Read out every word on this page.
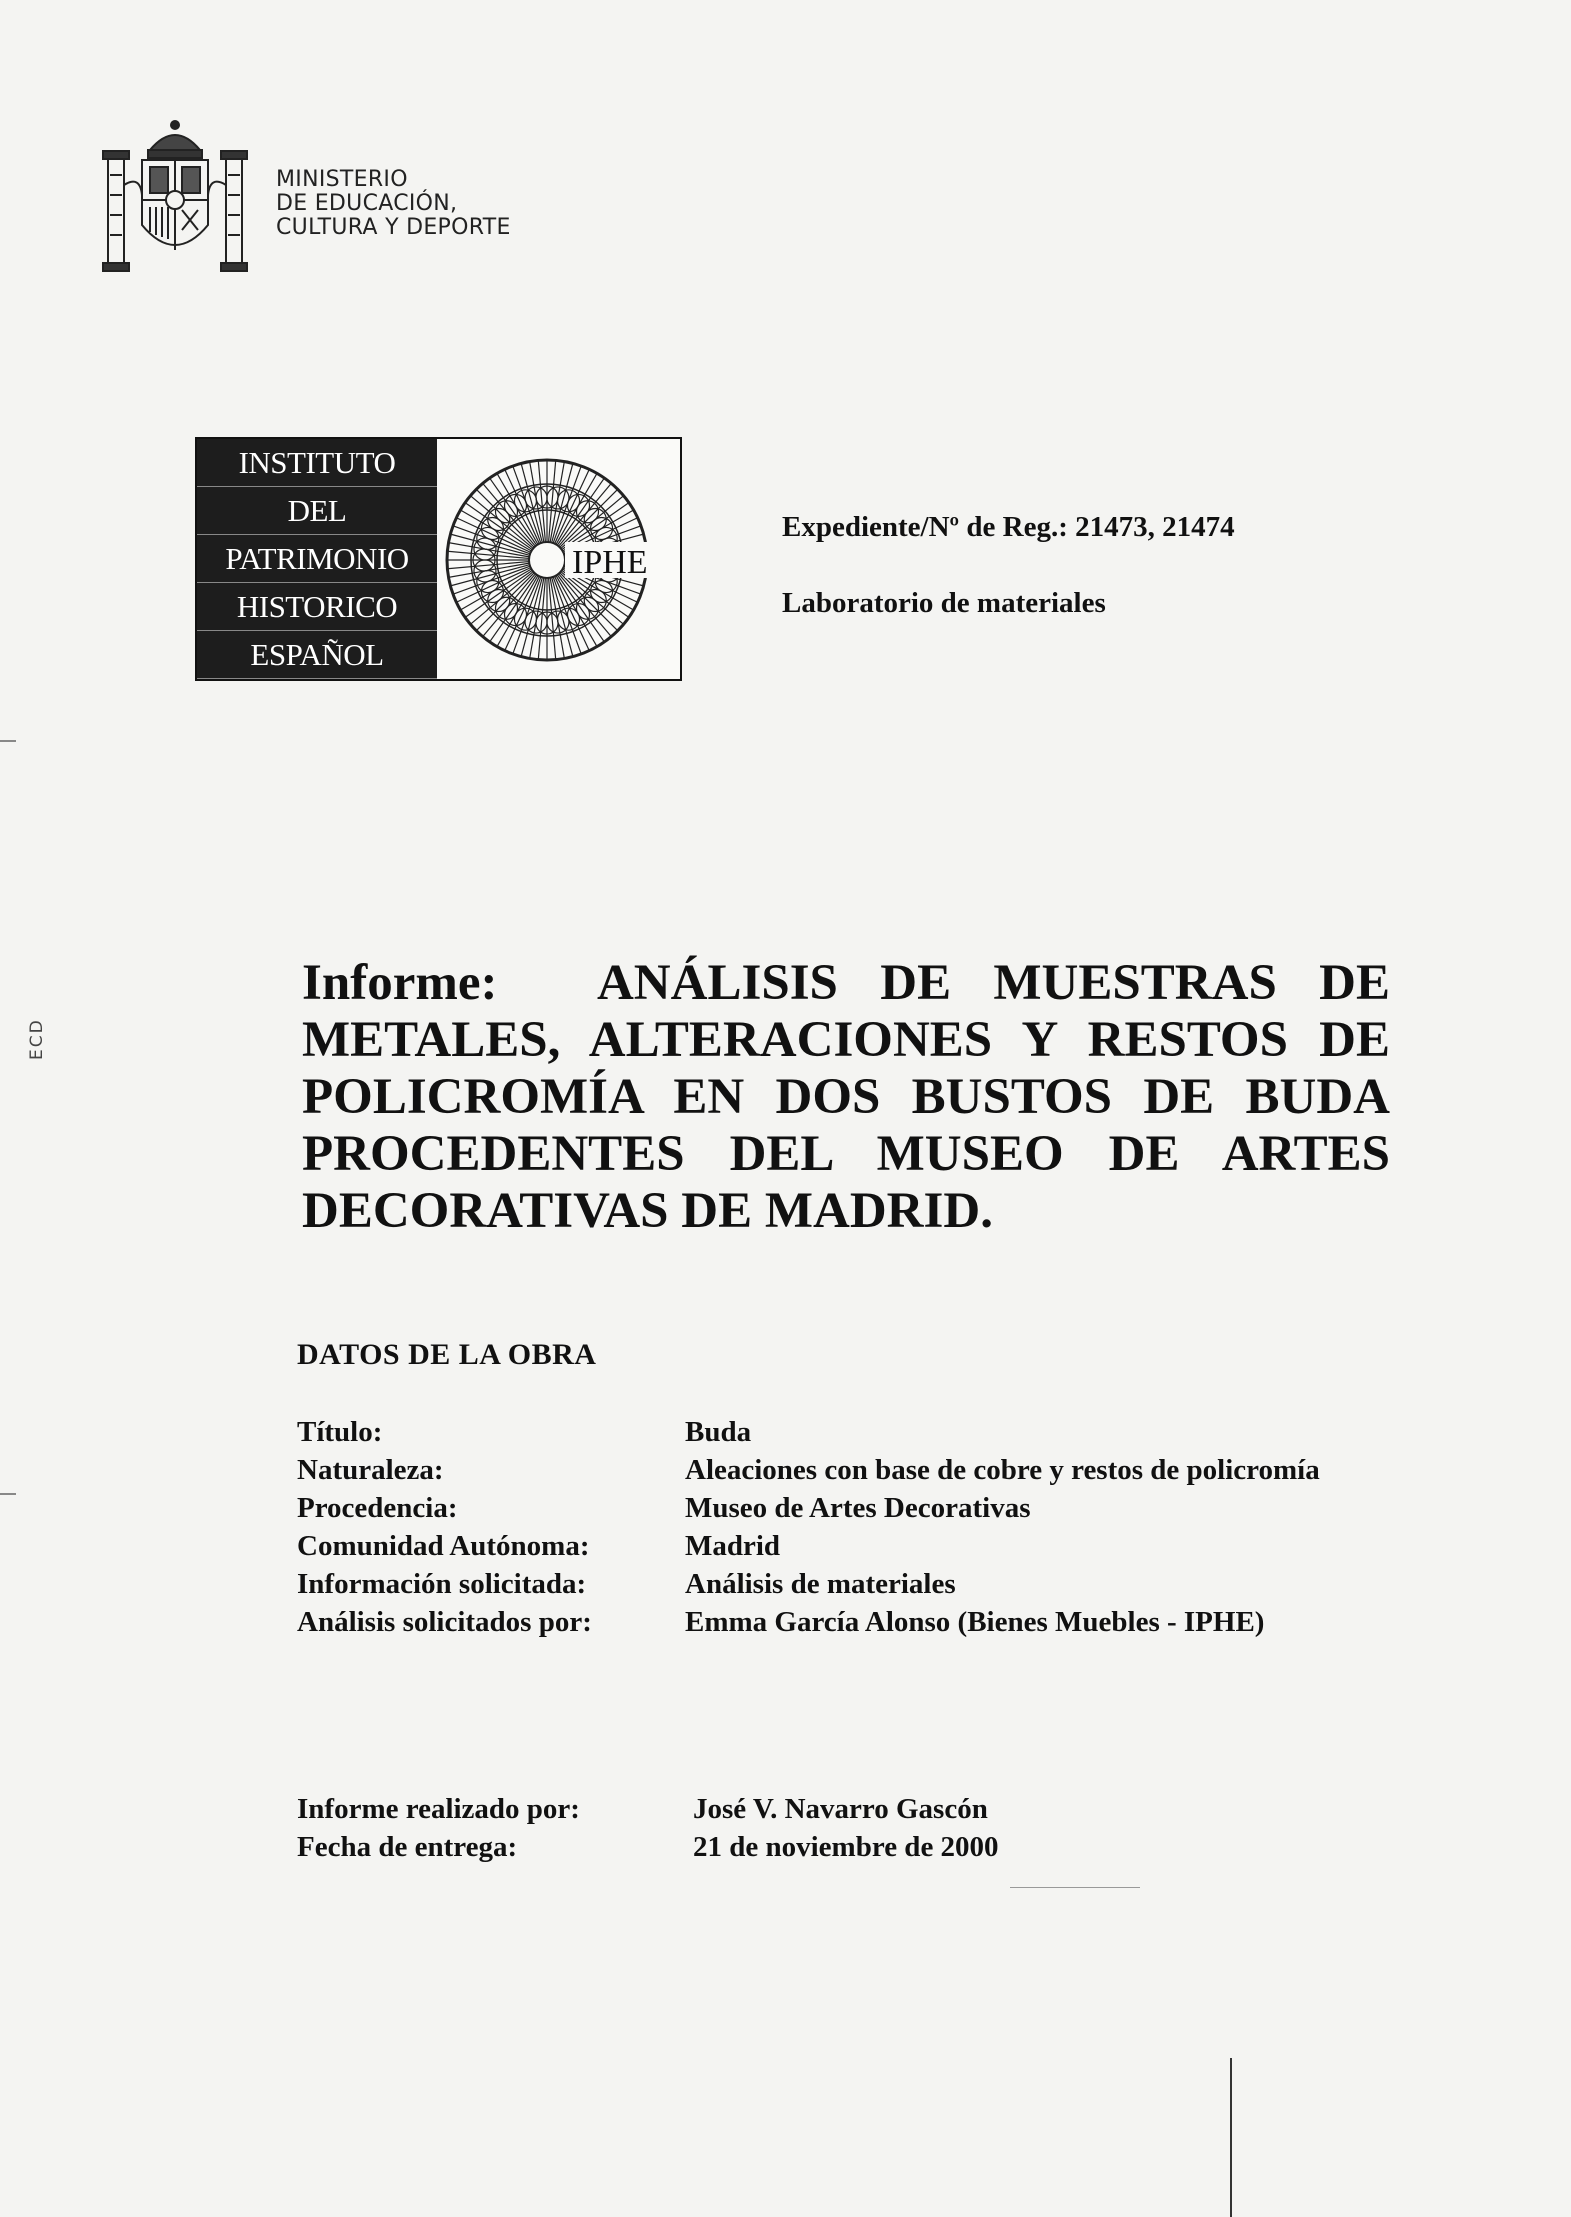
MINISTERIO
DE EDUCACIÓN,
CULTURA Y DEPORTE
INSTITUTO
DEL
PATRIMONIO
HISTORICO
ESPAÑOL
IPHE
Expediente/Nº de Reg.: 21473, 21474
Laboratorio de materiales
Informe: ANÁLISIS DE MUESTRAS DE METALES, ALTERACIONES Y RESTOS DE POLICROMÍA EN DOS BUSTOS DE BUDA PROCEDENTES DEL MUSEO DE ARTES DECORATIVAS DE MADRID.
DATOS DE LA OBRA
Título:	Buda
Naturaleza:	Aleaciones con base de cobre y restos de policromía
Procedencia:	Museo de Artes Decorativas
Comunidad Autónoma:	Madrid
Información solicitada:	Análisis de materiales
Análisis solicitados por:	Emma García Alonso (Bienes Muebles - IPHE)
Informe realizado por:	José V. Navarro Gascón
Fecha de entrega:	21 de noviembre de 2000
ECD
